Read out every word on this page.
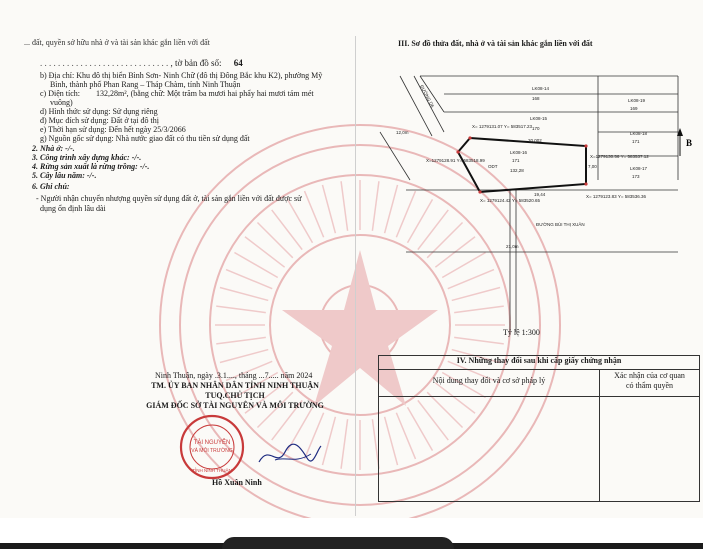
... đất, quyền sở hữu nhà ở và tài sản khác gắn liền với đất
. . . . . . . . . . . . . . . . . . . . . . . . . . . . . , tờ bản đồ số: 64
b) Địa chỉ: Khu đô thị biển Bình Sơn- Ninh Chữ (đô thị Đông Bắc khu K2), phường Mỹ
Bình, thành phố Phan Rang – Tháp Chàm, tỉnh Ninh Thuận
c) Diện tích: 132,28m², (bằng chữ: Một trăm ba mươi hai phẩy hai mươi tám mét
vuông)
d) Hình thức sử dụng: Sử dụng riêng
đ) Mục đích sử dụng: Đất ở tại đô thị
e) Thời hạn sử dụng: Đến hết ngày 25/3/2066
g) Nguồn gốc sử dụng: Nhà nước giao đất có thu tiền sử dụng đất
2. Nhà ở: -/-.
3. Công trình xây dựng khác: -/-.
4. Rừng sản xuất là rừng trồng: -/-.
5. Cây lâu năm: -/-.
6. Ghi chú:
- Người nhận chuyển nhượng quyền sử dụng đất ở, tài sản gắn liền với đất được sử
dụng ổn định lâu dài
Ninh Thuận, ngày .3.1...., tháng ...7..... năm 2024
TM. ỦY BAN NHÂN DÂN TỈNH NINH THUẬN
TUQ.CHỦ TỊCH
GIÁM ĐỐC SỞ TÀI NGUYÊN VÀ MÔI TRƯỜNG
TÀI NGUYÊN
VÀ MÔI TRƯỜNG
TỈNH NINH THUẬN
Hồ Xuân Ninh
III. Sơ đồ thửa đất, nhà ở và tài sản khác gắn liền với đất
B
LK08-14
168
LK08-15
170
LK08-19
169
LK08-18
171
LK08-17
173
LK08-16
171
ODT
132,28
20,002
19,44
7,00
12,0m
21,0m
ĐƯỜNG D6
ĐƯỜNG BÙI THỊ XUÂN
X= 1279131.07 Y= 583517.23
X=1279128.91 Y= 583518.99
X= 1279124.42 Y= 583520.65
X=1279130.56 Y= 583537.12
X= 1279123.83 Y= 583536.36
Tỷ lệ 1:300
IV. Những thay đổi sau khi cấp giấy chứng nhận
Nội dung thay đổi và cơ sở pháp lý
Xác nhận của cơ quan
có thẩm quyền
